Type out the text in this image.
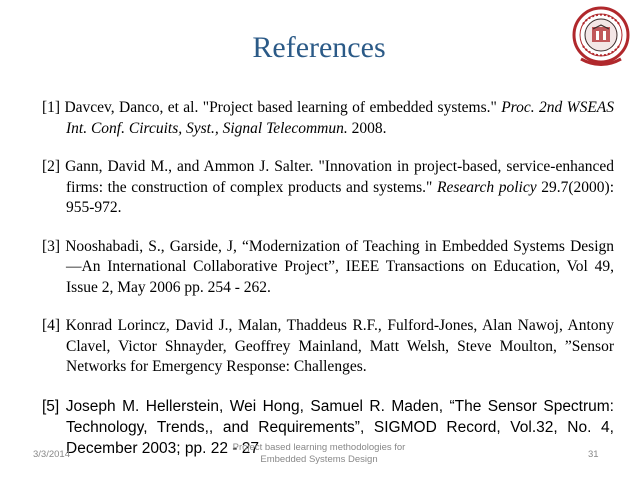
References
[1] Davcev, Danco, et al. "Project based learning of embedded systems." Proc. 2nd WSEAS Int. Conf. Circuits, Syst., Signal Telecommun. 2008.
[2] Gann, David M., and Ammon J. Salter. "Innovation in project-based, service-enhanced firms: the construction of complex products and systems." Research policy 29.7(2000): 955-972.
[3] Nooshabadi, S., Garside, J, “Modernization of Teaching in Embedded Systems Design—An International Collaborative Project”, IEEE Transactions on Education, Vol 49, Issue 2, May 2006 pp. 254 - 262.
[4] Konrad Lorincz, David J., Malan, Thaddeus R.F., Fulford-Jones, Alan Nawoj, Antony Clavel, Victor Shnayder, Geoffrey Mainland, Matt Welsh, Steve Moulton, ”Sensor Networks for Emergency Response: Challenges.
[5] Joseph M. Hellerstein, Wei Hong, Samuel R. Maden, “The Sensor Spectrum: Technology, Trends,, and Requirements”, SIGMOD Record, Vol.32, No. 4, December 2003; pp. 22 - 27
3/3/2014
Project based learning methodologies for Embedded Systems Design	31
